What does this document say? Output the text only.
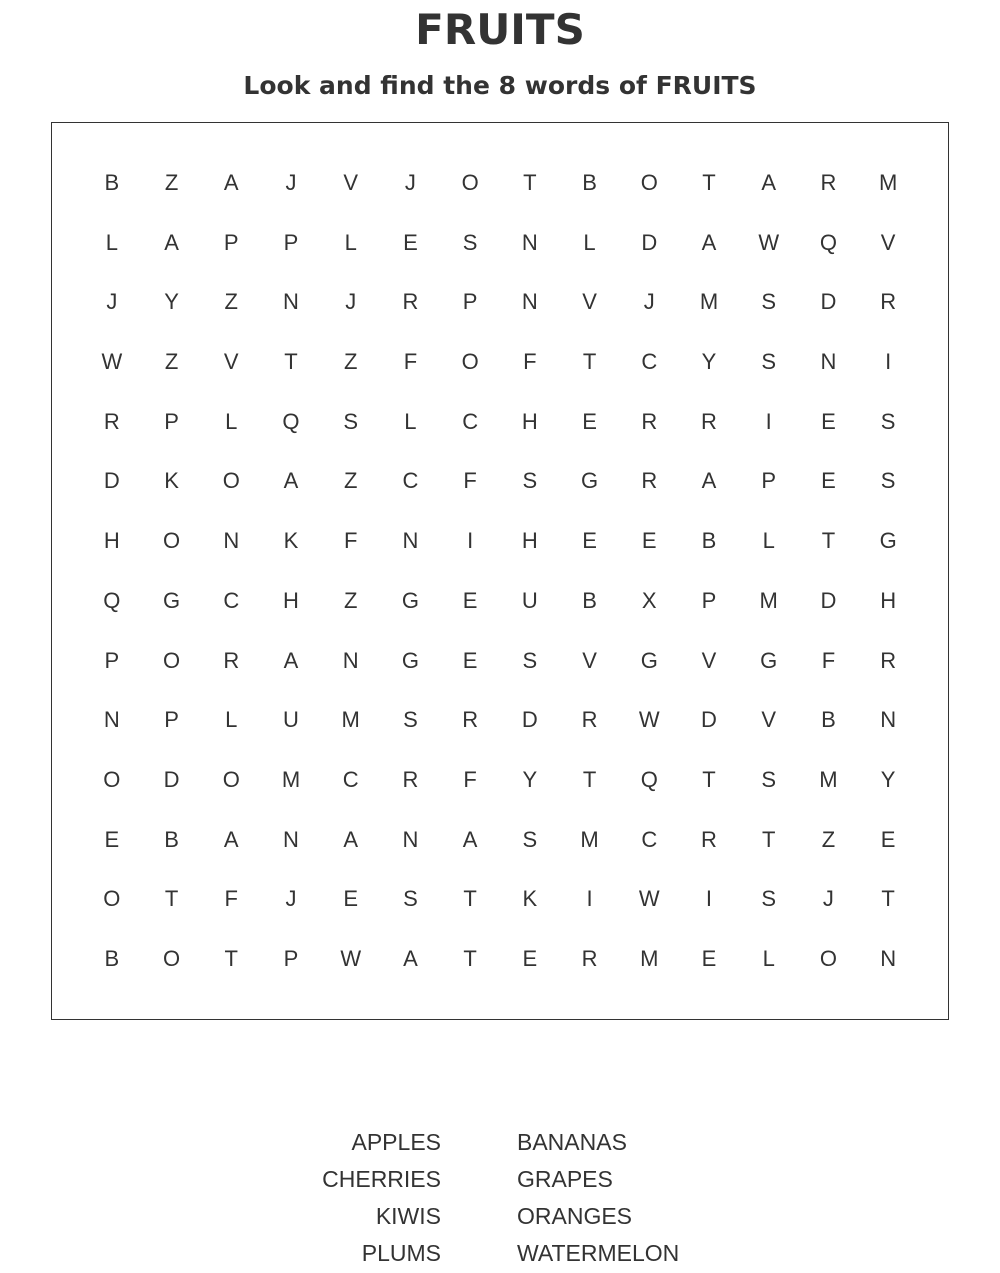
FRUITS
Look and find the 8 words of FRUITS
B	Z	A	J	V	J	O	T	B	O	T	A	R	M
L	A	P	P	L	E	S	N	L	D	A	W	Q	V
J	Y	Z	N	J	R	P	N	V	J	M	S	D	R
W	Z	V	T	Z	F	O	F	T	C	Y	S	N	I
R	P	L	Q	S	L	C	H	E	R	R	I	E	S
D	K	O	A	Z	C	F	S	G	R	A	P	E	S
H	O	N	K	F	N	I	H	E	E	B	L	T	G
Q	G	C	H	Z	G	E	U	B	X	P	M	D	H
P	O	R	A	N	G	E	S	V	G	V	G	F	R
N	P	L	U	M	S	R	D	R	W	D	V	B	N
O	D	O	M	C	R	F	Y	T	Q	T	S	M	Y
E	B	A	N	A	N	A	S	M	C	R	T	Z	E
O	T	F	J	E	S	T	K	I	W	I	S	J	T
B	O	T	P	W	A	T	E	R	M	E	L	O	N
APPLES
CHERRIES
KIWIS
PLUMS
BANANAS
GRAPES
ORANGES
WATERMELON
